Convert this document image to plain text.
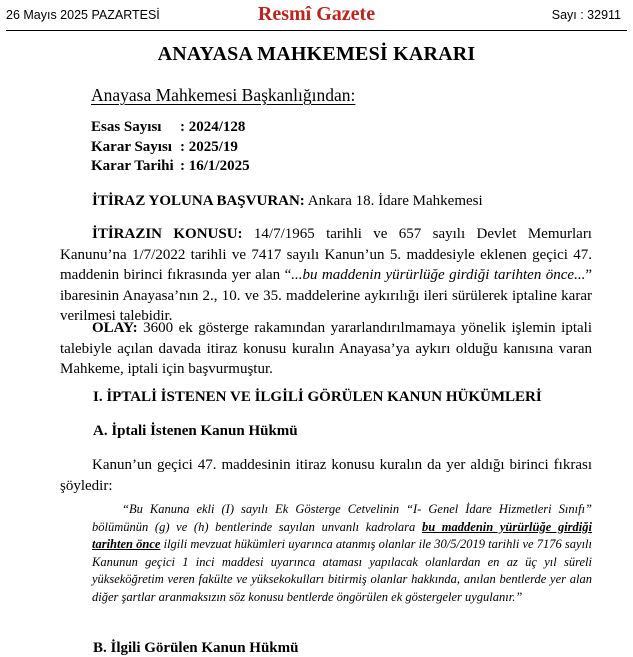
26 Mayıs 2025 PAZARTESİ	Resmî Gazete	Sayı : 32911
ANAYASA MAHKEMESİ KARARI
Anayasa Mahkemesi Başkanlığından:
Esas Sayısı	: 2024/128
Karar Sayısı : 2025/19
Karar Tarihi : 16/1/2025

İTİRAZ YOLUNA BAŞVURAN: Ankara 18. İdare Mahkemesi

İTİRAZIN KONUSU: 14/7/1965 tarihli ve 657 sayılı Devlet Memurları Kanunu’na 1/7/2022 tarihli ve 7417 sayılı Kanun’un 5. maddesiyle eklenen geçici 47. maddenin birinci fıkrasında yer alan “...bu maddenin yürürlüğe girdiği tarihten önce...” ibaresinin Anayasa’nın 2., 10. ve 35. maddelerine aykırılığı ileri sürülerek iptaline karar verilmesi talebidir.

OLAY: 3600 ek gösterge rakamından yararlandırılmamaya yönelik işlemin iptali talebiyle açılan davada itiraz konusu kuralın Anayasa’ya aykırı olduğu kanısına varan Mahkeme, iptali için başvurmuştur.

I. İPTALİ İSTENEN VE İLGİLİ GÖRÜLEN KANUN HÜKÜMLERİ

A. İptali İstenen Kanun Hükmü

Kanun’un geçici 47. maddesinin itiraz konusu kuralın da yer aldığı birinci fıkrası şöyledir:

“Bu Kanuna ekli (I) sayılı Ek Gösterge Cetvelinin “I- Genel İdare Hizmetleri Sınıfı” bölümünün (g) ve (h) bentlerinde sayılan unvanlı kadrolara bu maddenin yürürlüğe girdiği tarihten önce ilgili mevzuat hükümleri uyarınca atanmış olanlar ile 30/5/2019 tarihli ve 7176 sayılı Kanunun geçici 1 inci maddesi uyarınca ataması yapılacak olanlardan en az üç yıl süreli yükseköğretim veren fakülte ve yüksekokulları bitirmiş olanlar hakkında, anılan bentlerde yer alan diğer şartlar aranmaksızın söz konusu bentlerde öngörülen ek göstergeler uygulanır.”

B. İlgili Görülen Kanun Hükmü
